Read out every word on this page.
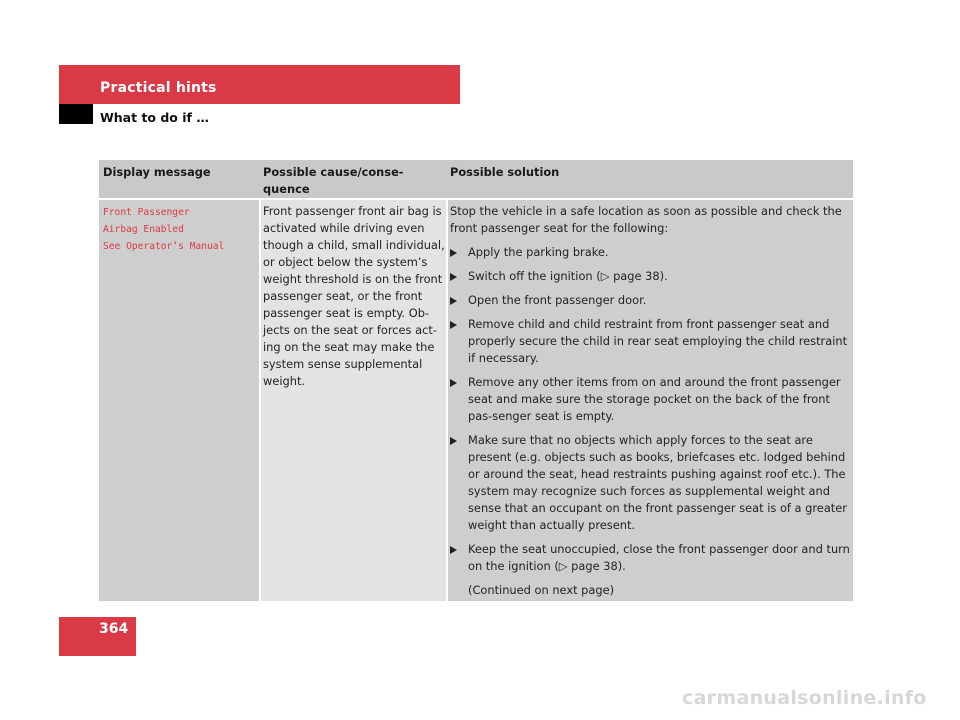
Practical hints
What to do if …
Display message	Possible cause/conse-quence
Possible solution
Front Passenger
Airbag Enabled
See Operator’s Manual
Front passenger front air bag is activated while driving even though a child, small individual, or object below the system’s weight threshold is on the front passenger seat, or the front passenger seat is empty. Ob-jects on the seat or forces act-ing on the seat may make the system sense supplemental weight.
Stop the vehicle in a safe location as soon as possible and check the front passenger seat for the following:
Apply the parking brake.
Switch off the ignition (▷ page 38).
Open the front passenger door.
Remove child and child restraint from front passenger seat and properly secure the child in rear seat employing the child restraint if necessary.
Remove any other items from on and around the front passenger seat and make sure the storage pocket on the back of the front pas-senger seat is empty.
Make sure that no objects which apply forces to the seat are present (e.g. objects such as books, briefcases etc. lodged behind or around the seat, head restraints pushing against roof etc.). The system may recognize such forces as supplemental weight and sense that an occupant on the front passenger seat is of a greater weight than actually present.
Keep the seat unoccupied, close the front passenger door and turn on the ignition (▷ page 38).
(Continued on next page)
364
carmanualsonline.info
